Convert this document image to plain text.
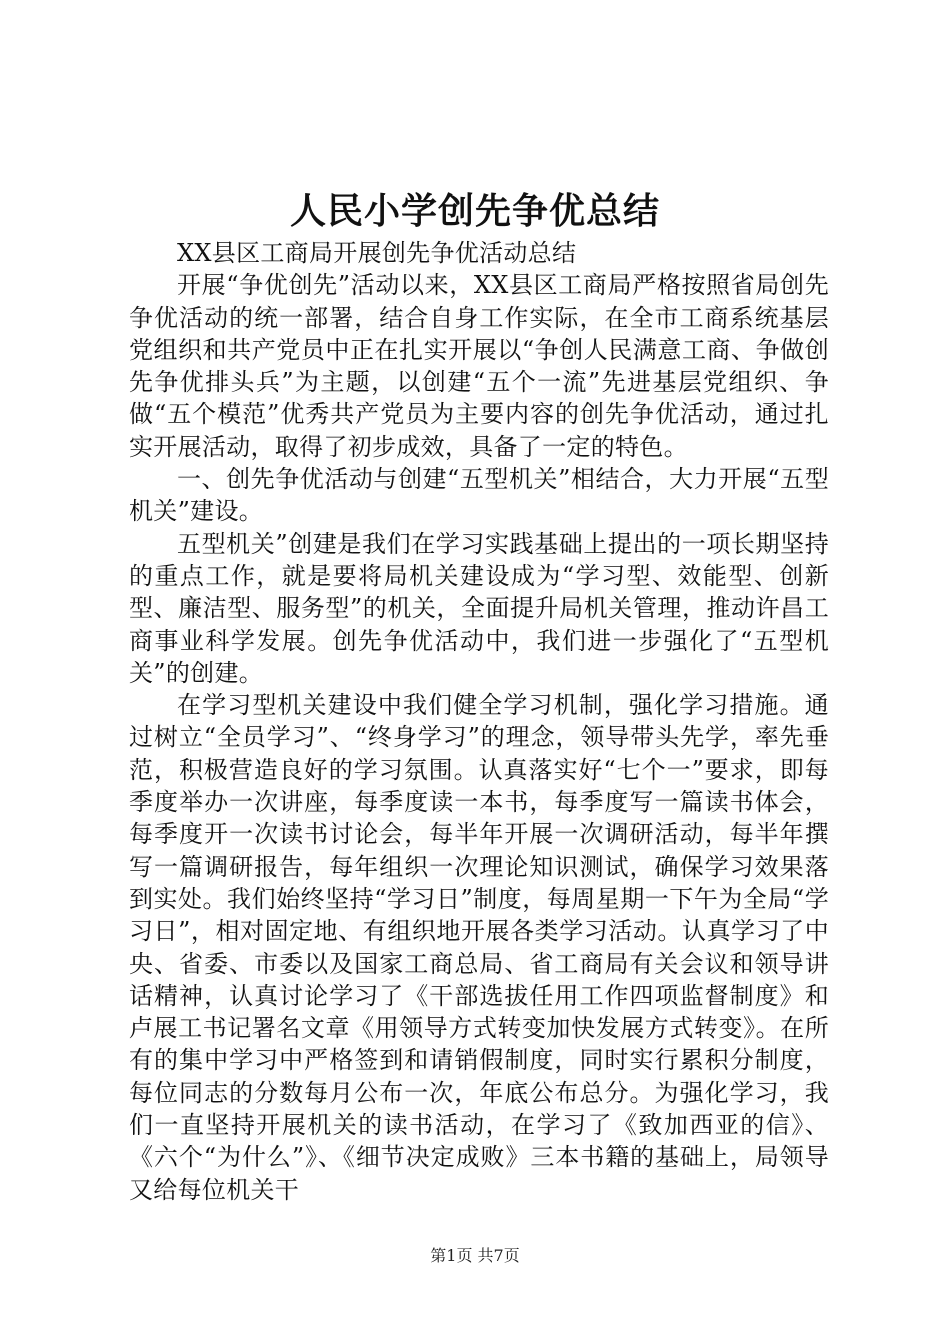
人民小学创先争优总结

XX县区工商局开展创先争优活动总结

开展“争优创先”活动以来，XX县区工商局严格按照省局创先争优活动的统一部署，结合自身工作实际，在全市工商系统基层党组织和共产党员中正在扎实开展以“争创人民满意工商、争做创先争优排头兵”为主题，以创建“五个一流”先进基层党组织、争做“五个模范”优秀共产党员为主要内容的创先争优活动，通过扎实开展活动，取得了初步成效，具备了一定的特色。

一、创先争优活动与创建“五型机关”相结合，大力开展“五型机关”建设。

五型机关”创建是我们在学习实践基础上提出的一项长期坚持的重点工作，就是要将局机关建设成为“学习型、效能型、创新型、廉洁型、服务型”的机关，全面提升局机关管理，推动许昌工商事业科学发展。创先争优活动中，我们进一步强化了“五型机关”的创建。

在学习型机关建设中我们健全学习机制，强化学习措施。通过树立“全员学习”、“终身学习”的理念，领导带头先学，率先垂范，积极营造良好的学习氛围。认真落实好“七个一”要求，即每季度举办一次讲座，每季度读一本书，每季度写一篇读书体会，每季度开一次读书讨论会，每半年开展一次调研活动，每半年撰写一篇调研报告，每年组织一次理论知识测试，确保学习效果落到实处。我们始终坚持“学习日”制度，每周星期一下午为全局“学习日”，相对固定地、有组织地开展各类学习活动。认真学习了中央、省委、市委以及国家工商总局、省工商局有关会议和领导讲话精神，认真讨论学习了《干部选拔任用工作四项监督制度》和卢展工书记署名文章《用领导方式转变加快发展方式转变》。在所有的集中学习中严格签到和请销假制度，同时实行累积分制度，每位同志的分数每月公布一次，年底公布总分。为强化学习，我们一直坚持开展机关的读书活动，在学习了《致加西亚的信》、《六个“为什么”》、《细节决定成败》三本书籍的基础上，局领导又给每位机关干

第1页 共7页
